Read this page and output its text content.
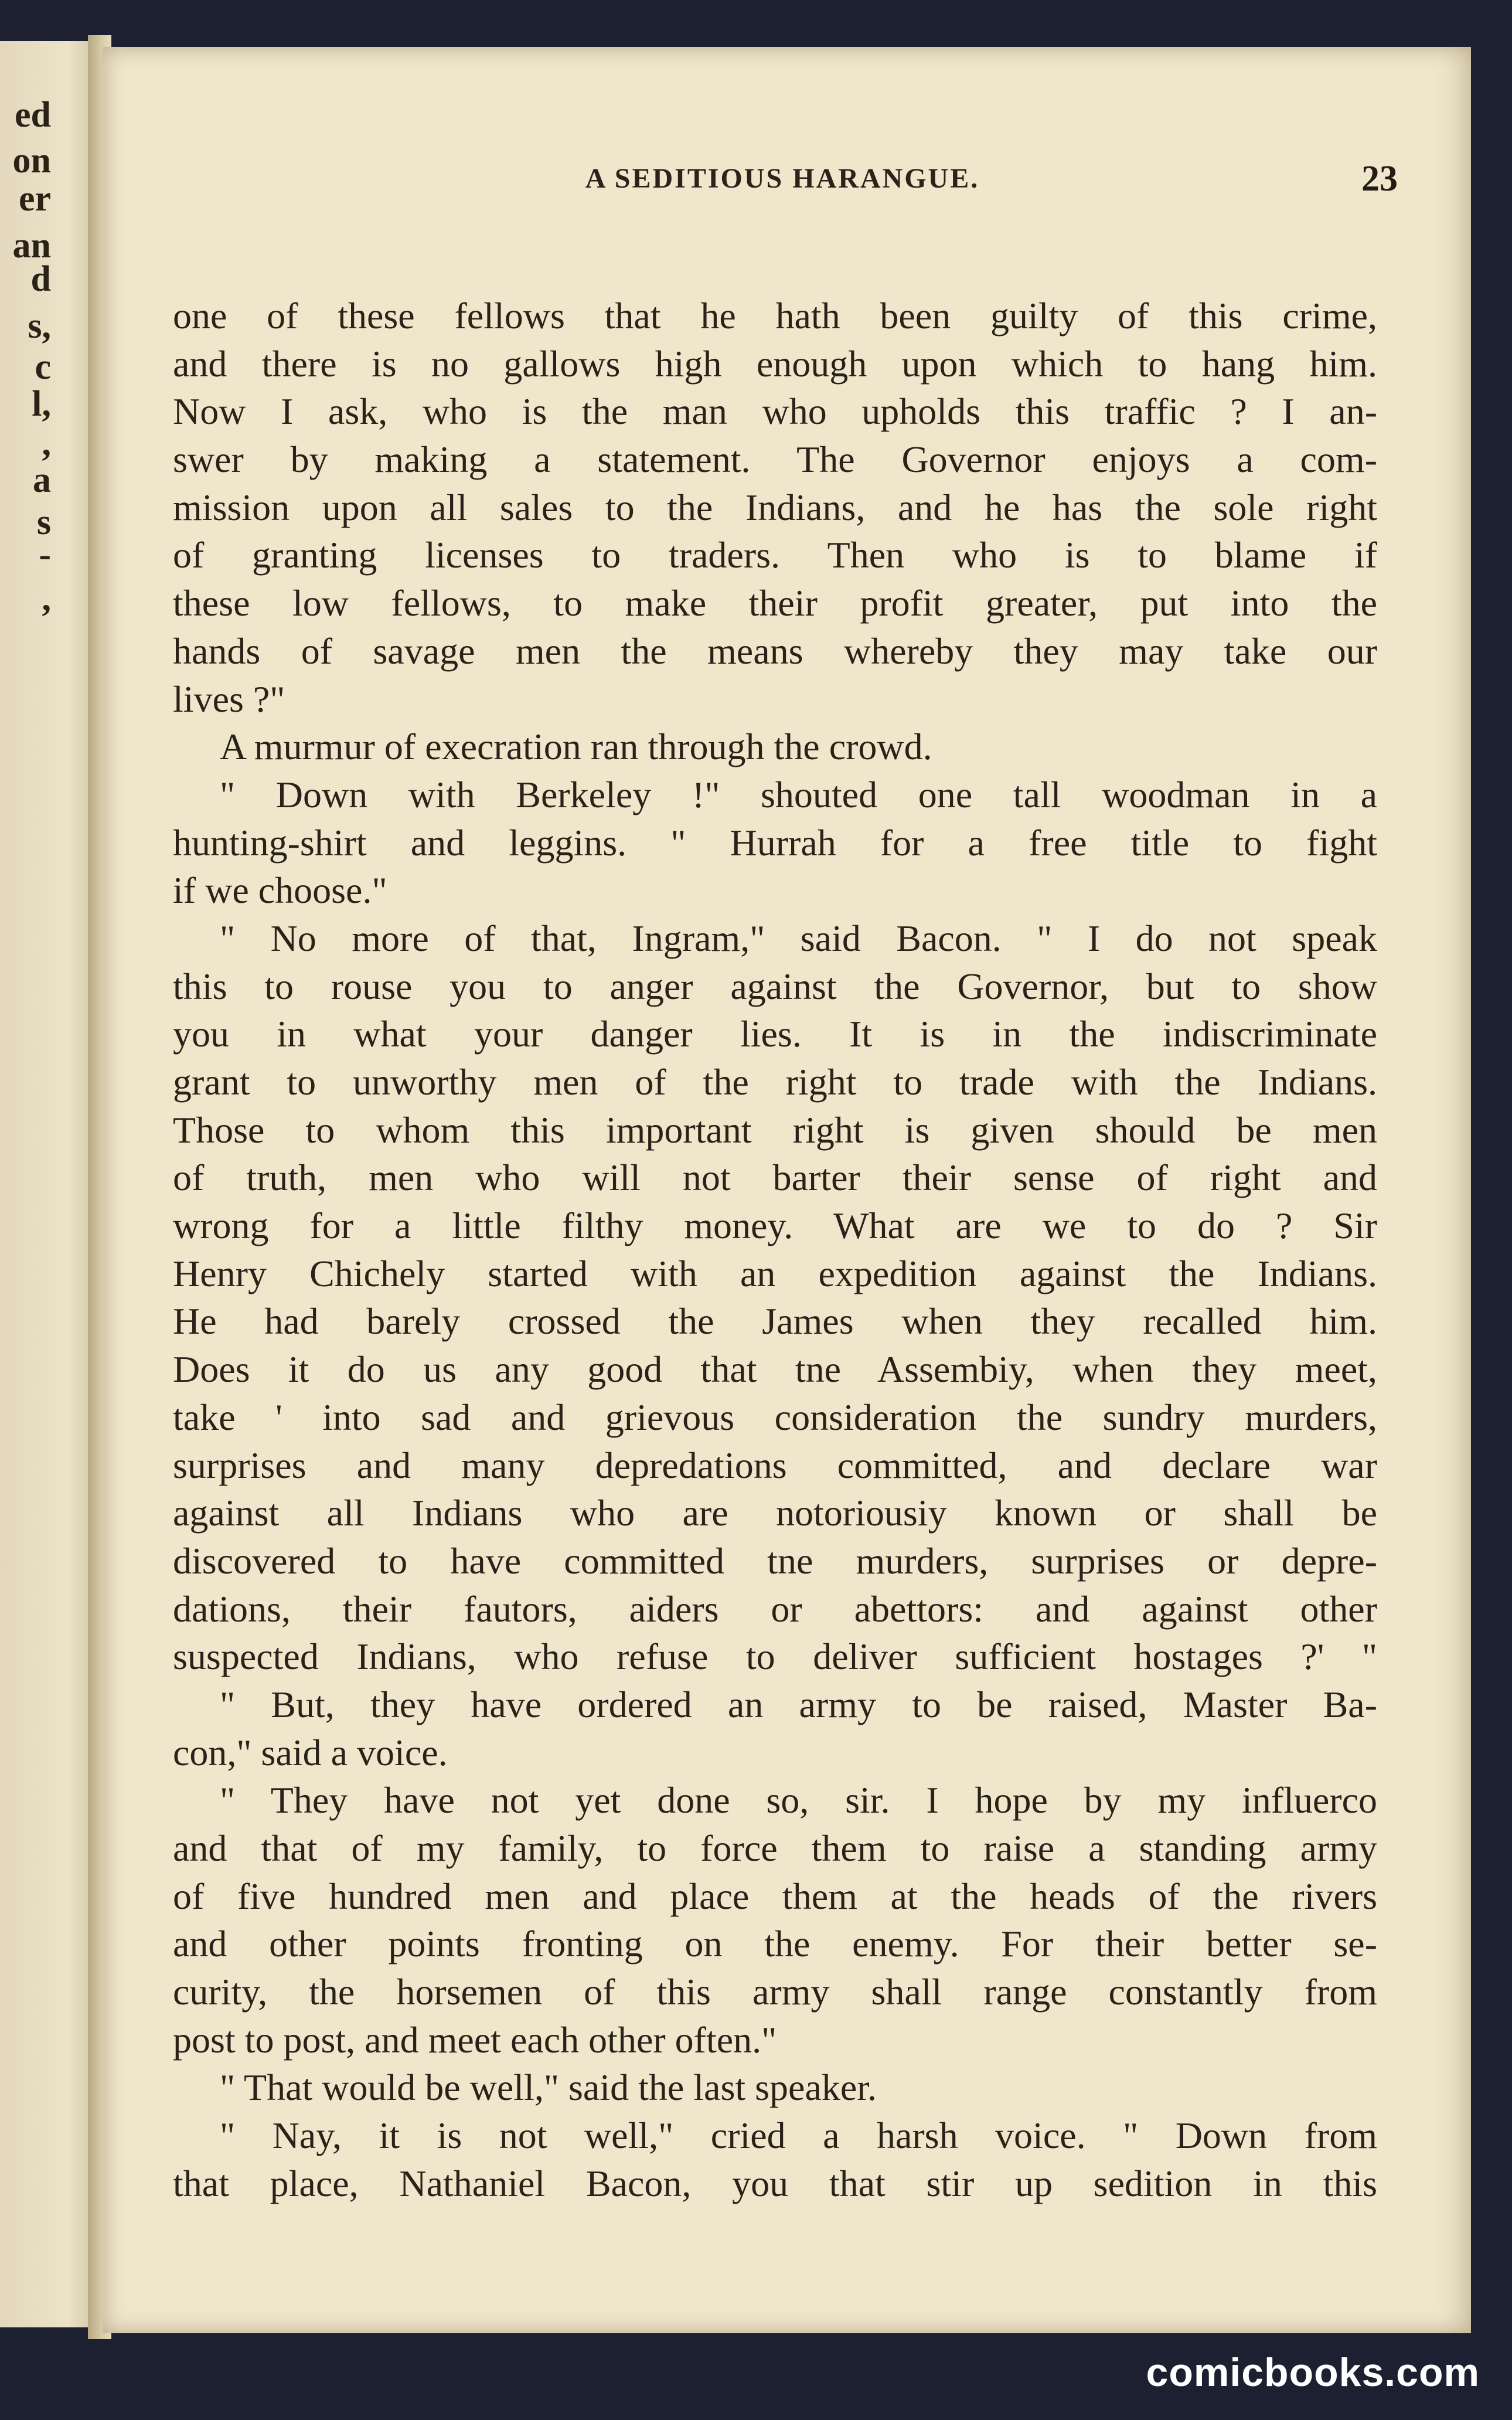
ed
on
er
an
d
s,
c
l,
,
a
s
-
,
A SEDITIOUS HARANGUE.	23
one of these fellows that he hath been guilty of this crime,
and there is no gallows high enough upon which to hang him.
Now I ask, who is the man who upholds this traffic ? I an-
swer by making a statement. The Governor enjoys a com-
mission upon all sales to the Indians, and he has the sole right
of granting licenses to traders. Then who is to blame if
these low fellows, to make their profit greater, put into the
hands of savage men the means whereby they may take our
lives ?"
A murmur of execration ran through the crowd.
" Down with Berkeley !" shouted one tall woodman in a
hunting-shirt and leggins. " Hurrah for a free title to fight
if we choose."
" No more of that, Ingram," said Bacon. " I do not speak
this to rouse you to anger against the Governor, but to show
you in what your danger lies. It is in the indiscriminate
grant to unworthy men of the right to trade with the Indians.
Those to whom this important right is given should be men
of truth, men who will not barter their sense of right and
wrong for a little filthy money. What are we to do ? Sir
Henry Chichely started with an expedition against the Indians.
He had barely crossed the James when they recalled him.
Does it do us any good that tne Assembiy, when they meet,
take ' into sad and grievous consideration the sundry murders,
surprises and many depredations committed, and declare war
against all Indians who are notoriousiy known or shall be
discovered to have committed tne murders, surprises or depre-
dations, their fautors, aiders or abettors: and against other
suspected Indians, who refuse to deliver sufficient hostages ?' "
" But, they have ordered an army to be raised, Master Ba-
con," said a voice.
" They have not yet done so, sir. I hope by my influerco
and that of my family, to force them to raise a standing army
of five hundred men and place them at the heads of the rivers
and other points fronting on the enemy. For their better se-
curity, the horsemen of this army shall range constantly from
post to post, and meet each other often."
" That would be well," said the last speaker.
" Nay, it is not well," cried a harsh voice. " Down from
that place, Nathaniel Bacon, you that stir up sedition in this
comicbooks.com
